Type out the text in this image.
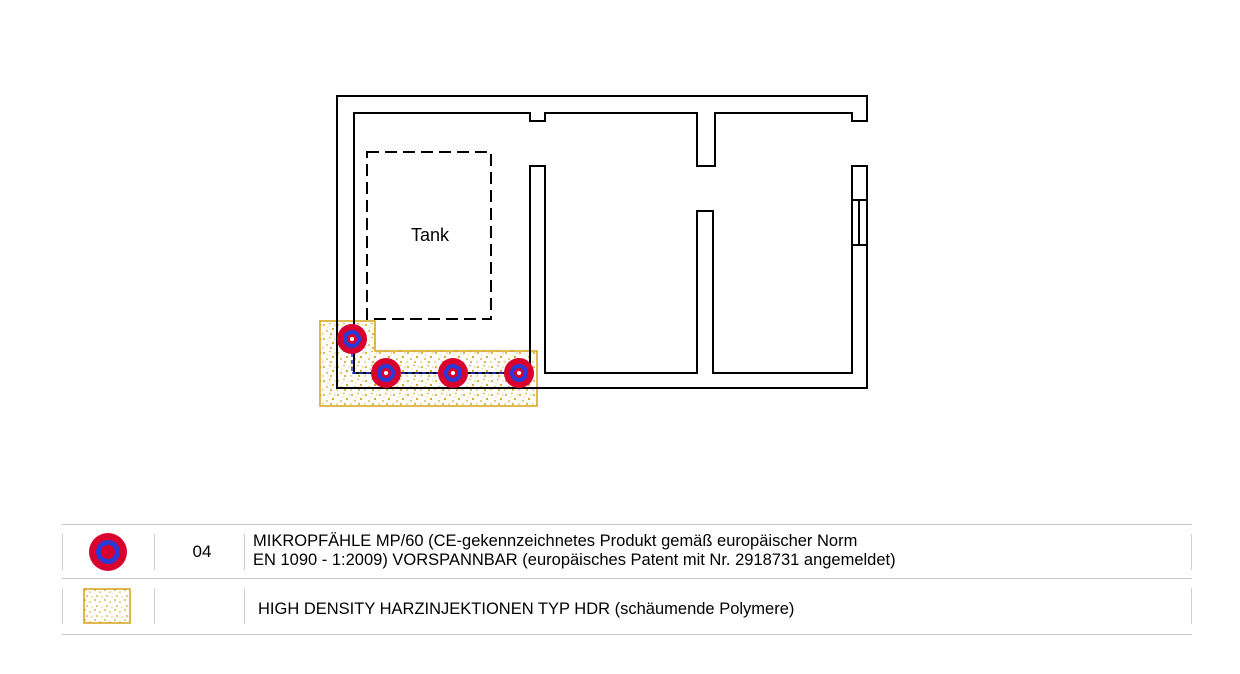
Tank
04
MIKROPFÄHLE MP/60 (CE-gekennzeichnetes Produkt gemäß europäischer Norm
EN 1090 - 1:2009) VORSPANNBAR (europäisches Patent mit Nr. 2918731 angemeldet)
HIGH DENSITY HARZINJEKTIONEN TYP HDR (schäumende Polymere)
